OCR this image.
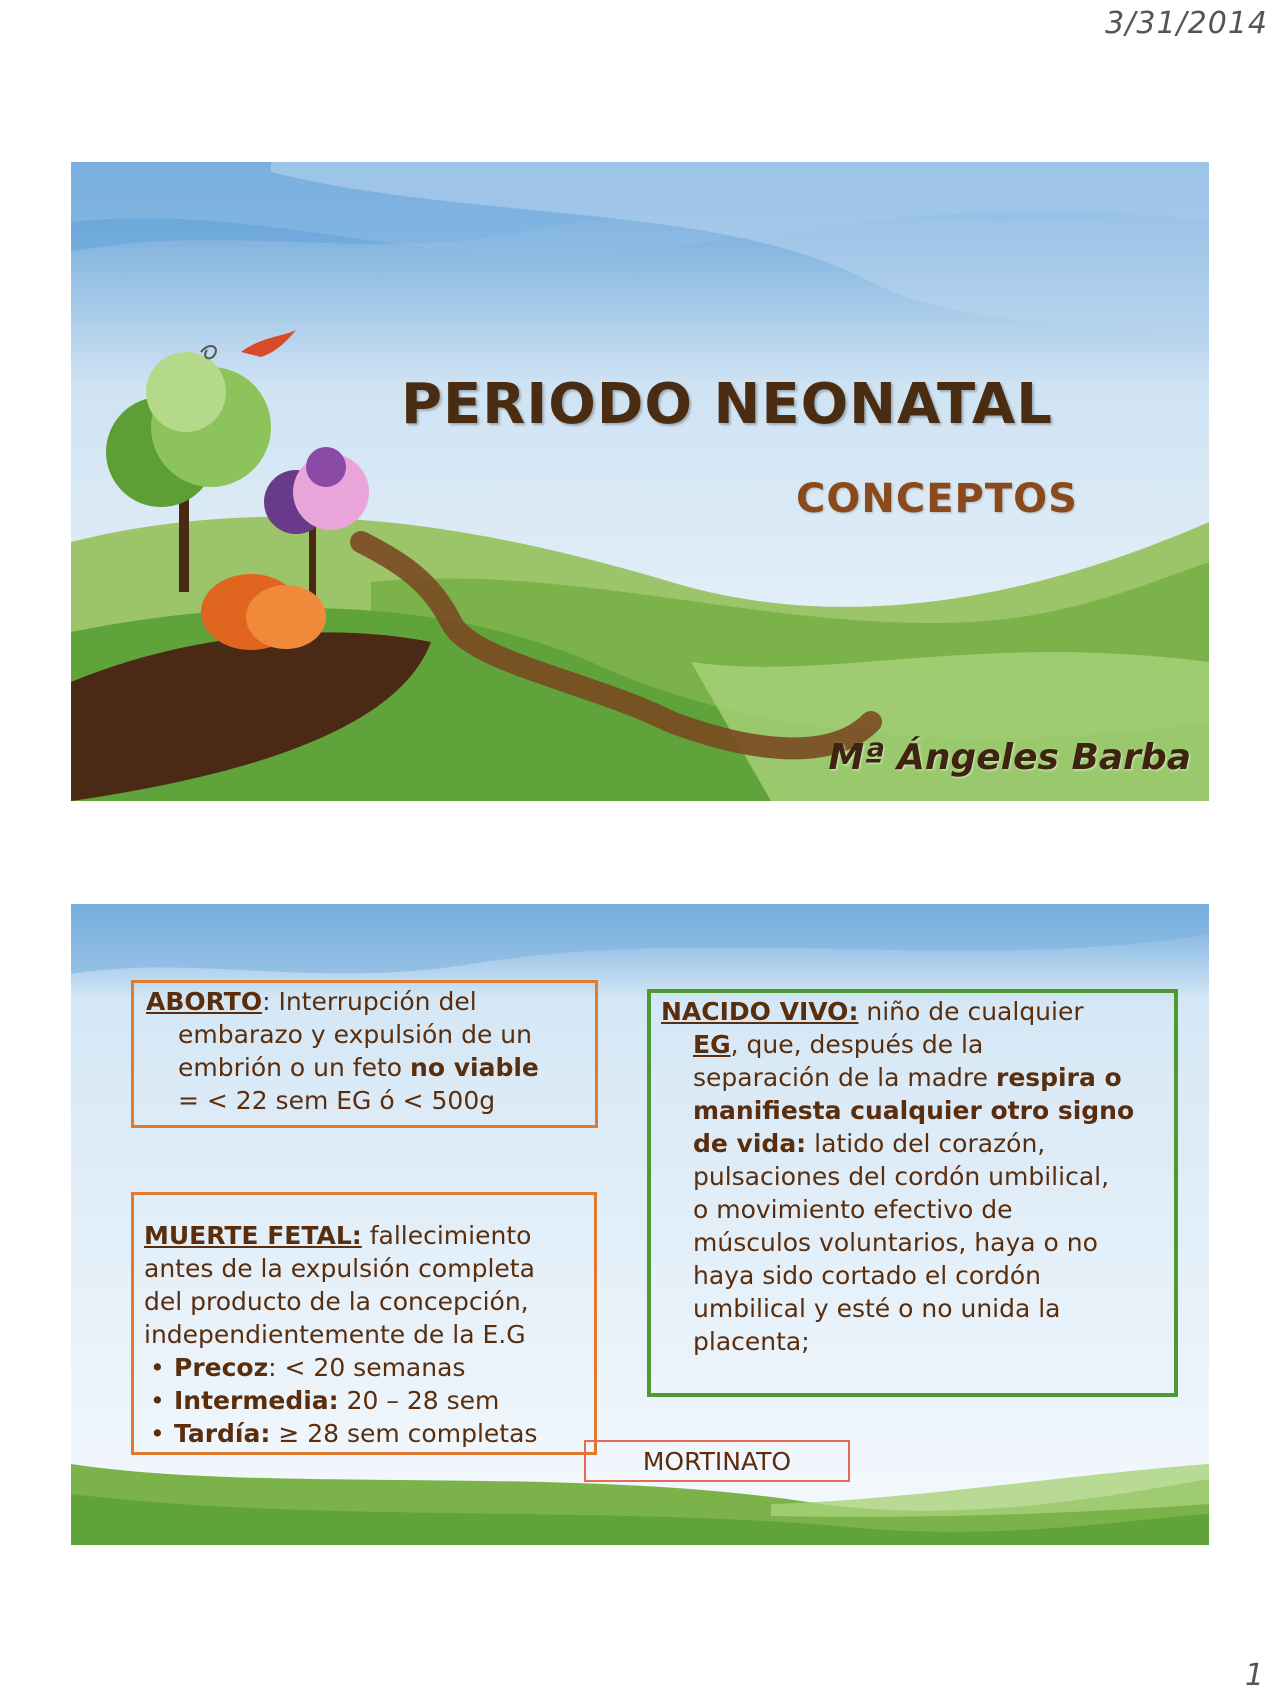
3/31/2014
PERIODO NEONATAL
CONCEPTOS
Mª Ángeles Barba
ABORTO: Interrupción del
embarazo y expulsión de un
embrión o un feto no viable
= < 22 sem EG ó < 500g
MUERTE FETAL: fallecimiento
antes de la expulsión completa
del producto de la concepción,
independientemente de la E.G
• Precoz: < 20 semanas
• Intermedia: 20 – 28 sem
• Tardía: ≥ 28 sem completas
MORTINATO
NACIDO VIVO: niño de cualquier
EG, que, después de la
separación de la madre respira o
manifiesta cualquier otro signo
de vida: latido del corazón,
pulsaciones del cordón umbilical,
o movimiento efectivo de
músculos voluntarios, haya o no
haya sido cortado el cordón
umbilical y esté o no unida la
placenta;
1
